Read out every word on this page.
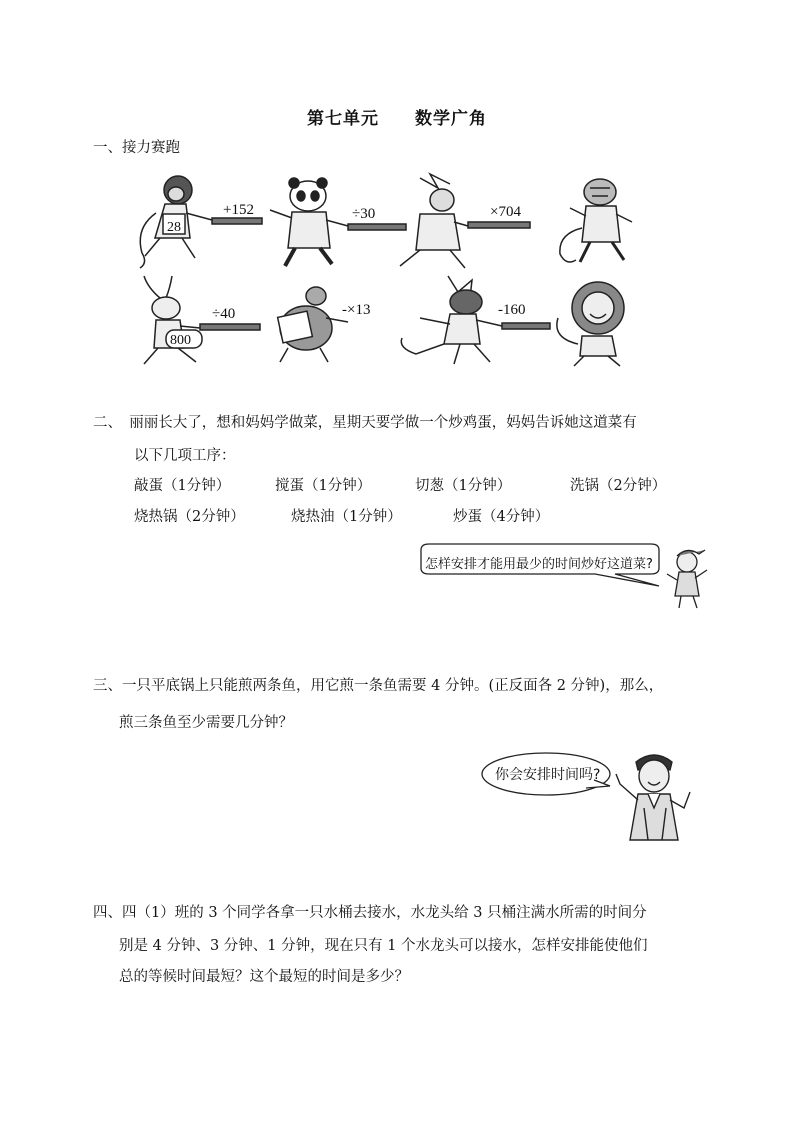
第七单元 数学广角
一、接力赛跑
28
+152	÷30	×704
800
÷40	-×13	-160
二、　丽丽长大了，想和妈妈学做菜，星期天要学做一个炒鸡蛋，妈妈告诉她这道菜有
以下几项工序：
敲蛋（1分钟）	搅蛋（1分钟）	切葱（1分钟）	洗锅（2分钟）
烧热锅（2分钟）	烧热油（1分钟）	炒蛋（4分钟）
怎样安排才能用最少的时间炒好这道菜?
三、一只平底锅上只能煎两条鱼，用它煎一条鱼需要 4 分钟。(正反面各 2 分钟)，那么，
煎三条鱼至少需要几分钟？
你会安排时间吗?
四、四（1）班的 3 个同学各拿一只水桶去接水，水龙头给 3 只桶注满水所需的时间分
别是 4 分钟、3 分钟、1 分钟，现在只有 1 个水龙头可以接水，怎样安排能使他们
总的等候时间最短？这个最短的时间是多少？
